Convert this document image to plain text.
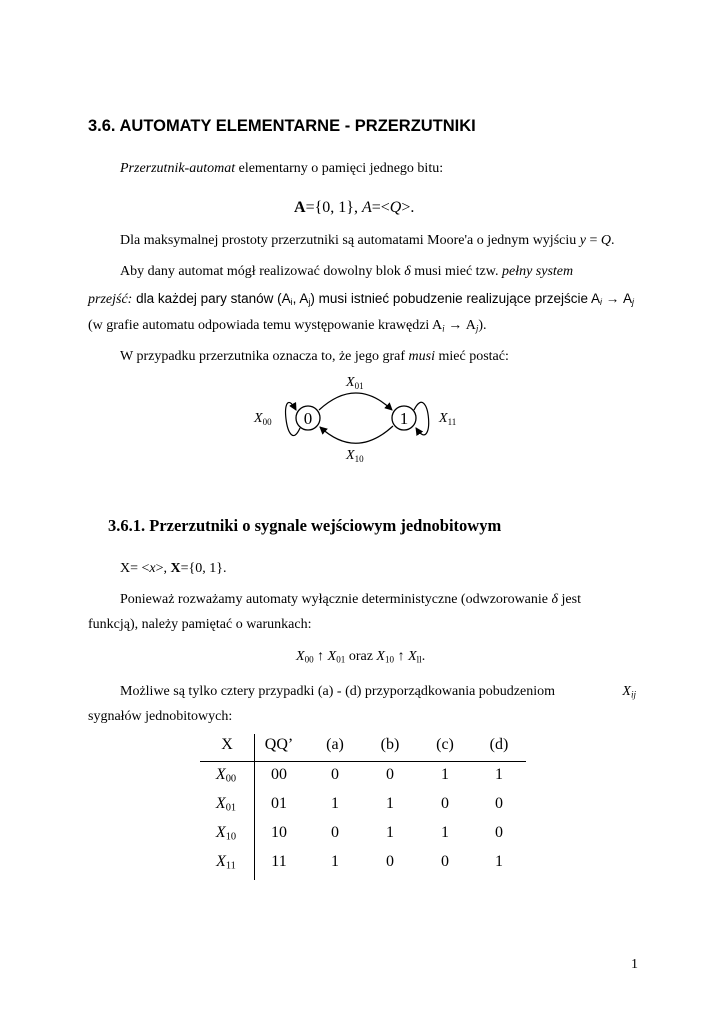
3.6. AUTOMATY ELEMENTARNE - PRZERZUTNIKI
Przerzutnik-automat elementarny o pamięci jednego bitu:
A={0, 1}, A=<Q>.
Dla maksymalnej prostoty przerzutniki są automatami Moore'a o jednym wyjściu y = Q.
Aby dany automat mógł realizować dowolny blok δ musi mieć tzw. pełny system
przejść: dla każdej pary stanów ($A_i$, $A_j$) musi istnieć pobudzenie realizujące przejście $A_i \to A_j$
(w grafie automatu odpowiada temu występowanie krawędzi $A_i \to A_j$).
W przypadku przerzutnika oznacza to, że jego graf musi mieć postać:
0	1
$X_{01}$
$X_{10}$
$X_{00}$	$X_{11}$
3.6.1. Przerzutniki o sygnale wejściowym jednobitowym
X= <x>, X={0, 1}.
Ponieważ rozważamy automaty wyłącznie deterministyczne (odwzorowanie δ jest
funkcją), należy pamiętać o warunkach:
$X_{00}$ ↑ $X_{01}$ oraz $X_{10}$ ↑ $X_{ll}$.
Możliwe są tylko cztery przypadki (a) - (d) przyporządkowania pobudzeniom	$X_{ij}$
sygnałów jednobitowych:
X	QQ’	(a)	(b)	(c)	(d)
$X_{00}$	00	0	0	1	1
$X_{01}$	01	1	1	0	0
$X_{10}$	10	0	1	1	0
$X_{11}$	11	1	0	0	1
1
